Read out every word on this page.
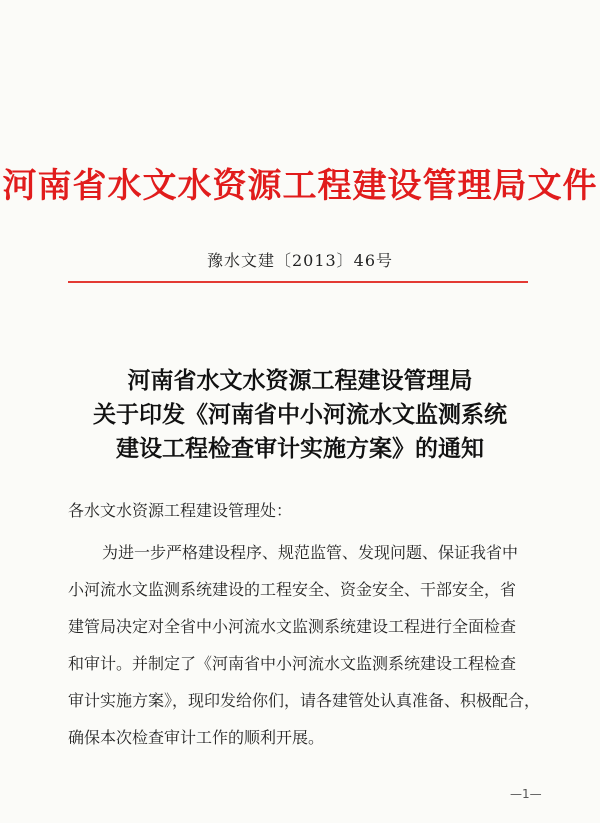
河南省水文水资源工程建设管理局文件
豫水文建〔2013〕46号
河南省水文水资源工程建设管理局
关于印发《河南省中小河流水文监测系统
建设工程检查审计实施方案》的通知
各水文水资源工程建设管理处：
为进一步严格建设程序、规范监管、发现问题、保证我省中
小河流水文监测系统建设的工程安全、资金安全、干部安全，省
建管局决定对全省中小河流水文监测系统建设工程进行全面检查
和审计。并制定了《河南省中小河流水文监测系统建设工程检查
审计实施方案》，现印发给你们，请各建管处认真准备、积极配合，
确保本次检查审计工作的顺利开展。
—1—
